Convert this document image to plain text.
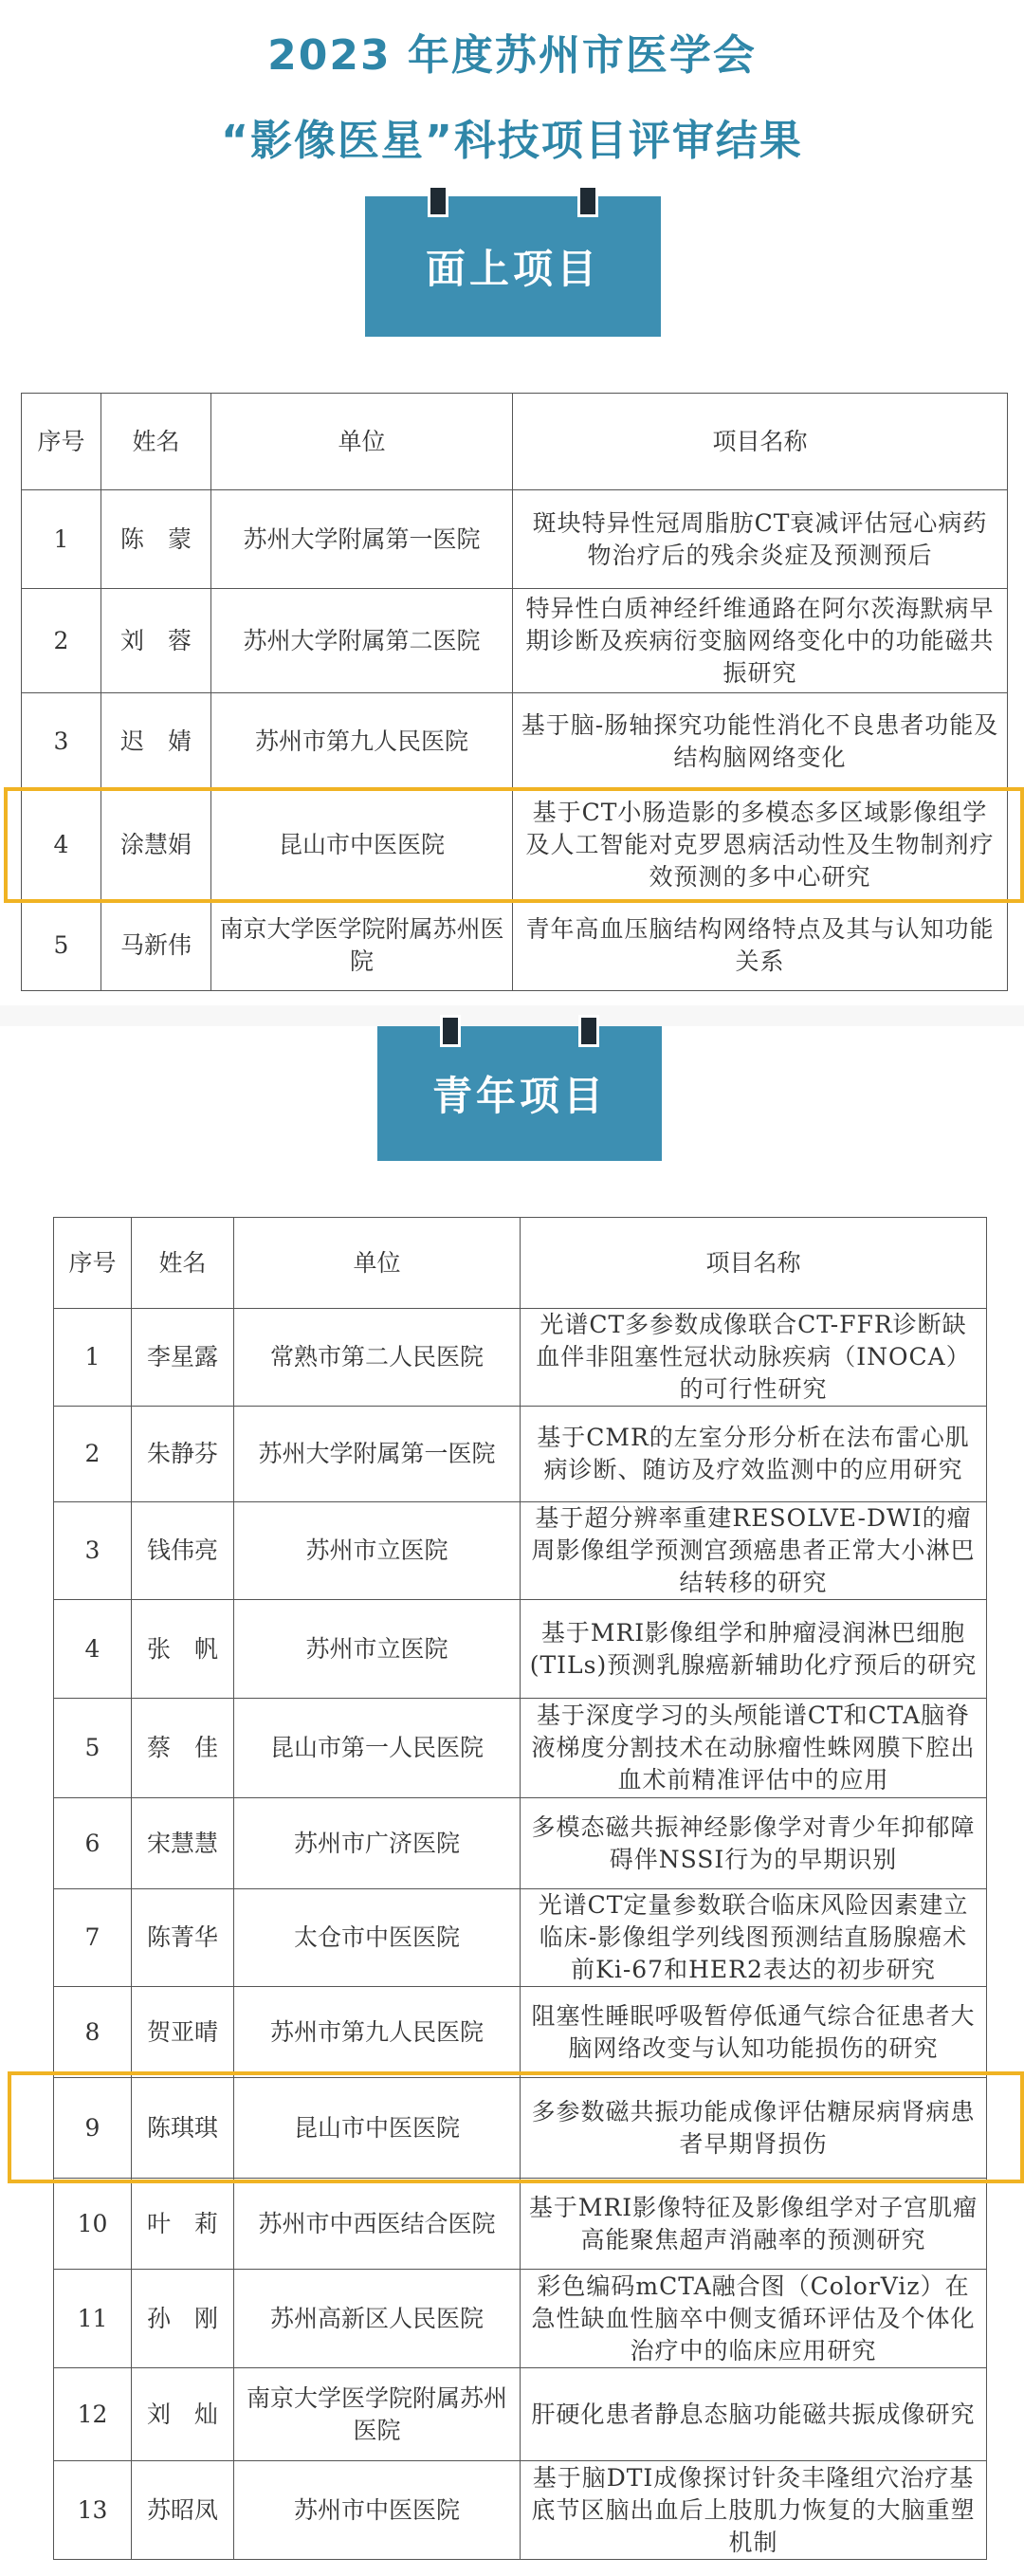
2023 年度苏州市医学会
“影像医星”科技项目评审结果
面上项目
序号	姓名	单位	项目名称
1	陈　蒙	苏州大学附属第一医院	斑块特异性冠周脂肪CT衰减评估冠心病药物治疗后的残余炎症及预测预后
2	刘　蓉	苏州大学附属第二医院	特异性白质神经纤维通路在阿尔茨海默病早期诊断及疾病衍变脑网络变化中的功能磁共振研究
3	迟　婧	苏州市第九人民医院	基于脑-肠轴探究功能性消化不良患者功能及结构脑网络变化
4	涂慧娟	昆山市中医医院	基于CT小肠造影的多模态多区域影像组学及人工智能对克罗恩病活动性及生物制剂疗效预测的多中心研究
5	马新伟	南京大学医学院附属苏州医院	青年高血压脑结构网络特点及其与认知功能关系
青年项目
序号	姓名	单位	项目名称
1	李星露	常熟市第二人民医院	光谱CT多参数成像联合CT-FFR诊断缺血伴非阻塞性冠状动脉疾病（INOCA）的可行性研究
2	朱静芬	苏州大学附属第一医院	基于CMR的左室分形分析在法布雷心肌病诊断、随访及疗效监测中的应用研究
3	钱伟亮	苏州市立医院	基于超分辨率重建RESOLVE-DWI的瘤周影像组学预测宫颈癌患者正常大小淋巴结转移的研究
4	张　帆	苏州市立医院	基于MRI影像组学和肿瘤浸润淋巴细胞(TILs)预测乳腺癌新辅助化疗预后的研究
5	蔡　佳	昆山市第一人民医院	基于深度学习的头颅能谱CT和CTA脑脊液梯度分割技术在动脉瘤性蛛网膜下腔出血术前精准评估中的应用
6	宋慧慧	苏州市广济医院	多模态磁共振神经影像学对青少年抑郁障碍伴NSSI行为的早期识别
7	陈菁华	太仓市中医医院	光谱CT定量参数联合临床风险因素建立临床-影像组学列线图预测结直肠腺癌术前Ki-67和HER2表达的初步研究
8	贺亚晴	苏州市第九人民医院	阻塞性睡眠呼吸暂停低通气综合征患者大脑网络改变与认知功能损伤的研究
9	陈琪琪	昆山市中医医院	多参数磁共振功能成像评估糖尿病肾病患者早期肾损伤
10	叶　莉	苏州市中西医结合医院	基于MRI影像特征及影像组学对子宫肌瘤高能聚焦超声消融率的预测研究
11	孙　刚	苏州高新区人民医院	彩色编码mCTA融合图（ColorViz）在急性缺血性脑卒中侧支循环评估及个体化治疗中的临床应用研究
12	刘　灿	南京大学医学院附属苏州医院	肝硬化患者静息态脑功能磁共振成像研究
13	苏昭凤	苏州市中医医院	基于脑DTI成像探讨针灸丰隆组穴治疗基底节区脑出血后上肢肌力恢复的大脑重塑机制
